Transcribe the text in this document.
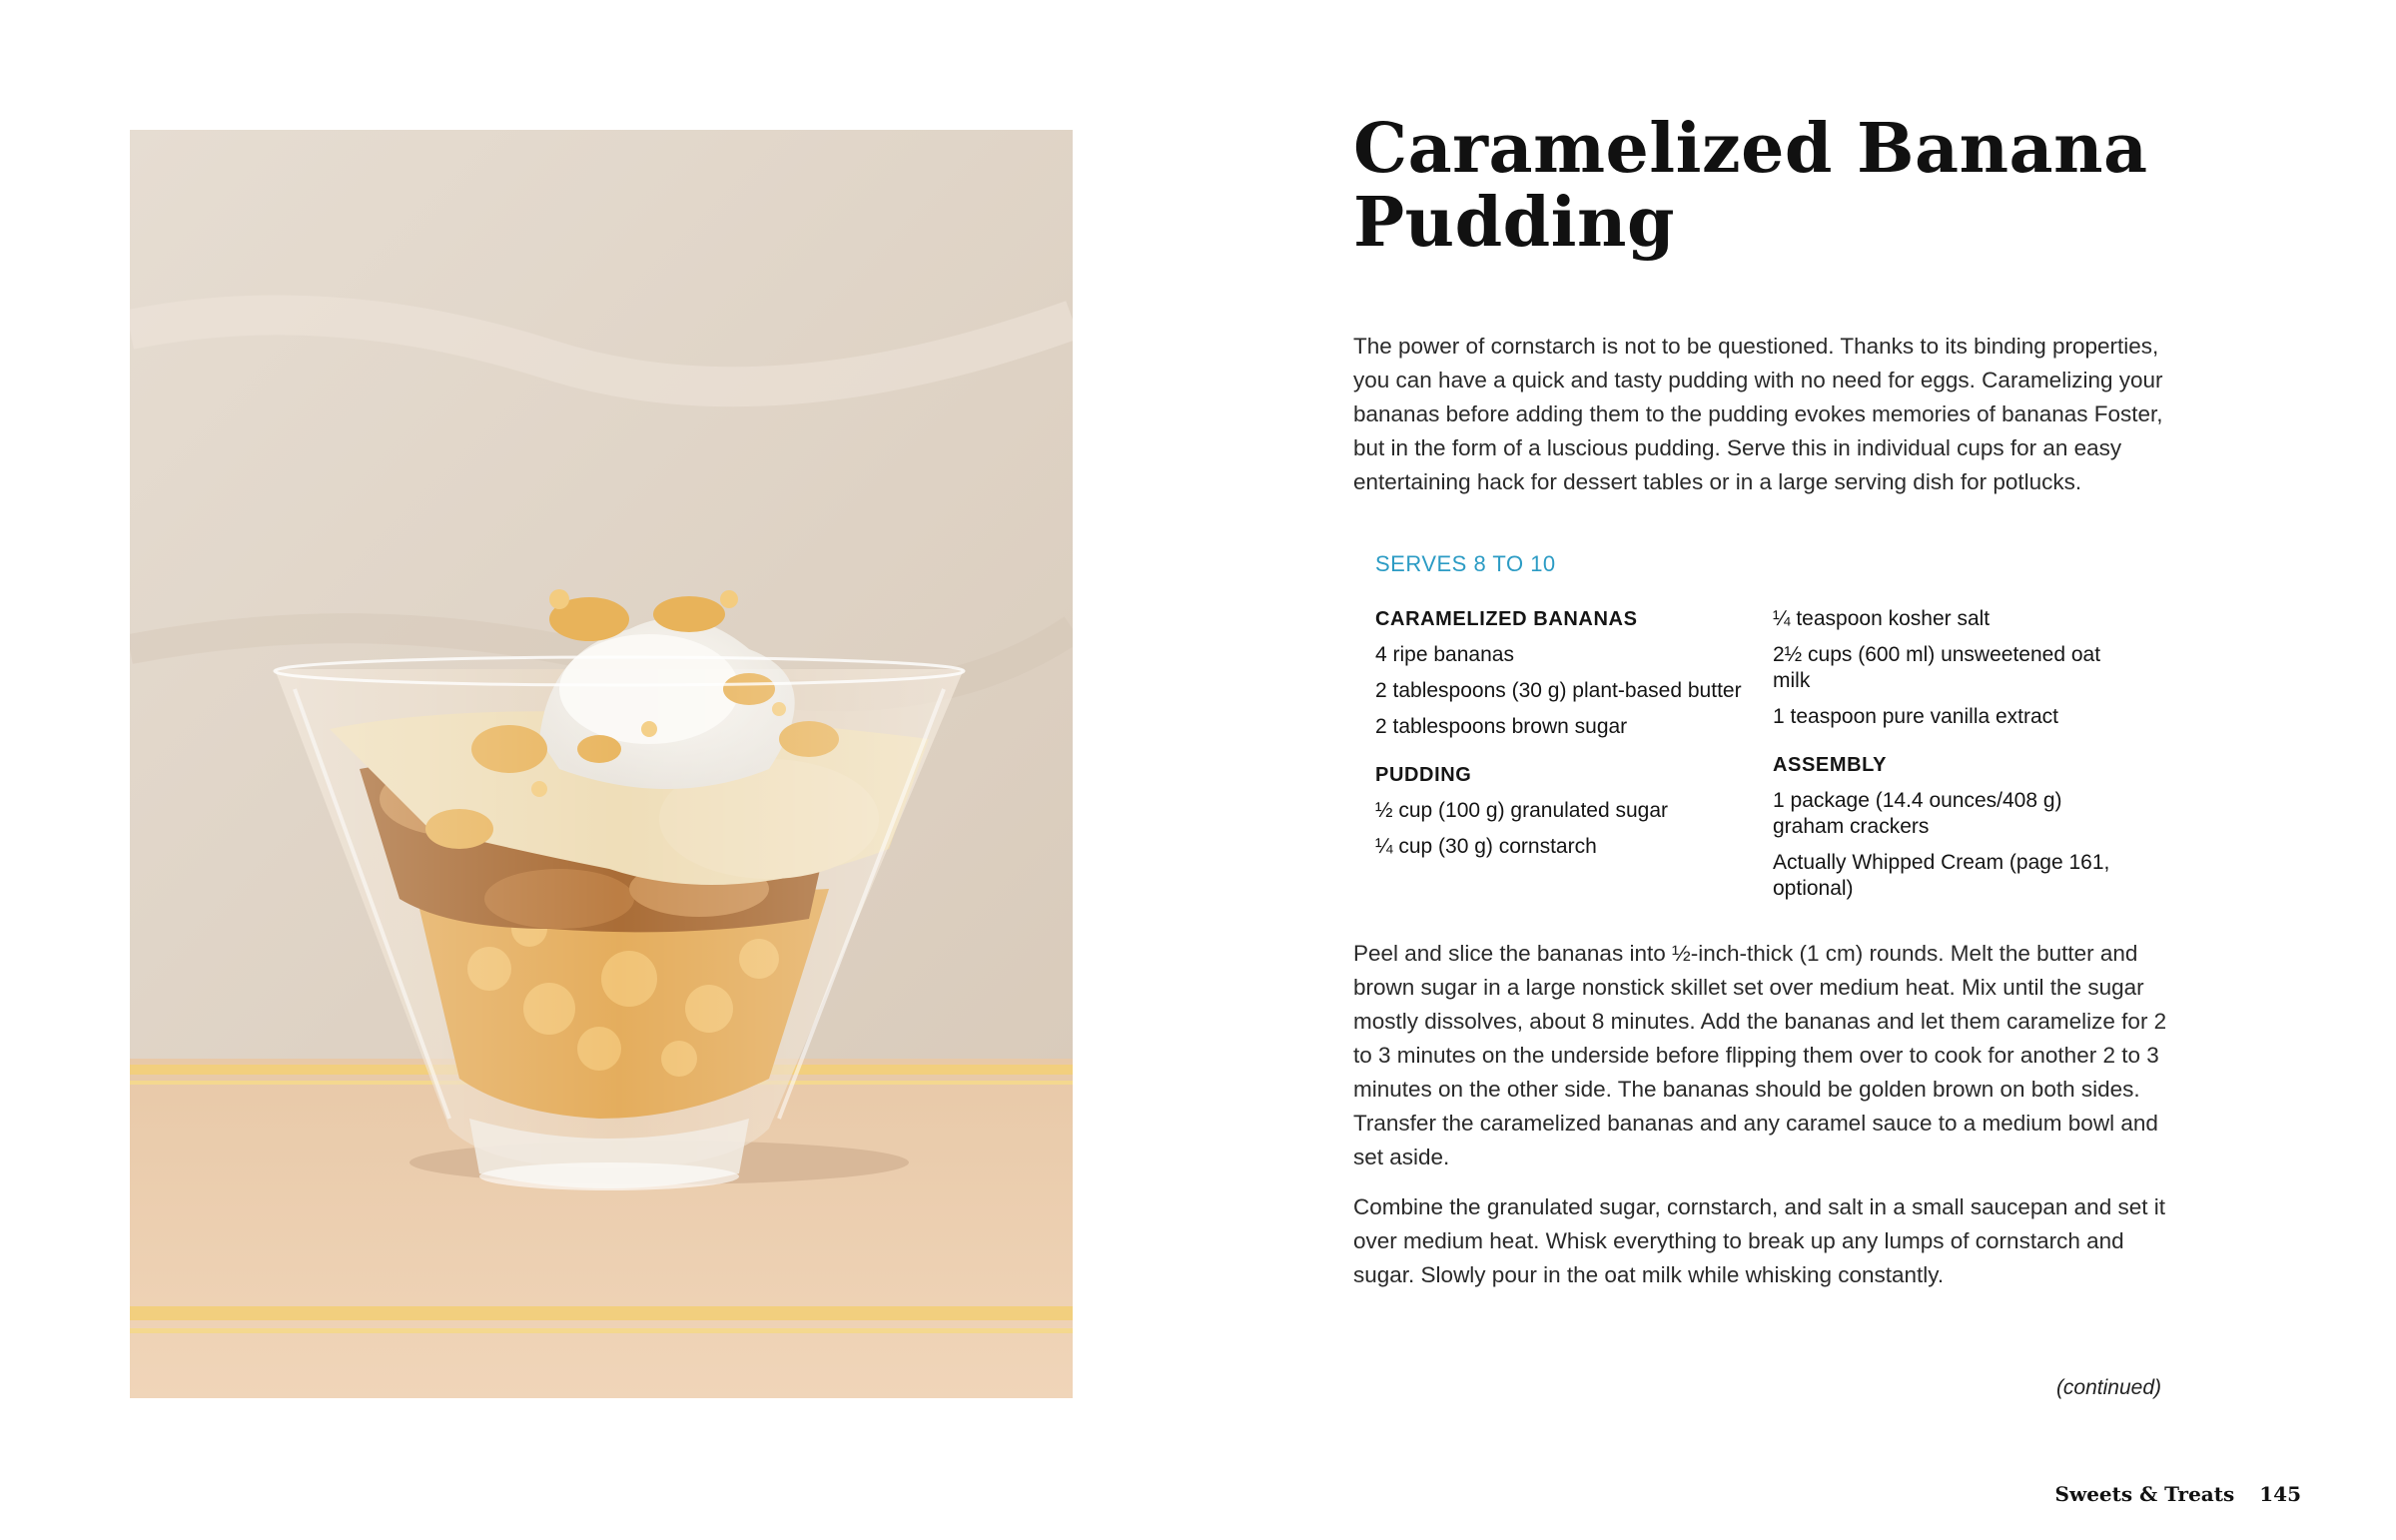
Caramelized Banana Pudding

The power of cornstarch is not to be questioned. Thanks to its binding properties, you can have a quick and tasty pudding with no need for eggs. Caramelizing your bananas before adding them to the pudding evokes memories of bananas Foster, but in the form of a luscious pudding. Serve this in individual cups for an easy entertaining hack for dessert tables or in a large serving dish for potlucks.

SERVES 8 TO 10

CARAMELIZED BANANAS

4 ripe bananas
2 tablespoons (30 g) plant-based butter
2 tablespoons brown sugar

PUDDING

½ cup (100 g) granulated sugar
¼ cup (30 g) cornstarch
¼ teaspoon kosher salt
2½ cups (600 ml) unsweetened oat milk
1 teaspoon pure vanilla extract

ASSEMBLY

1 package (14.4 ounces/408 g) graham crackers
Actually Whipped Cream (page 161, optional)

Peel and slice the bananas into ½-inch-thick (1 cm) rounds. Melt the butter and brown sugar in a large nonstick skillet set over medium heat. Mix until the sugar mostly dissolves, about 8 minutes. Add the bananas and let them caramelize for 2 to 3 minutes on the underside before flipping them over to cook for another 2 to 3 minutes on the other side. The bananas should be golden brown on both sides. Transfer the caramelized bananas and any caramel sauce to a medium bowl and set aside.

Combine the granulated sugar, cornstarch, and salt in a small saucepan and set it over medium heat. Whisk everything to break up any lumps of cornstarch and sugar. Slowly pour in the oat milk while whisking constantly.

(continued)
Sweets & Treats 145
